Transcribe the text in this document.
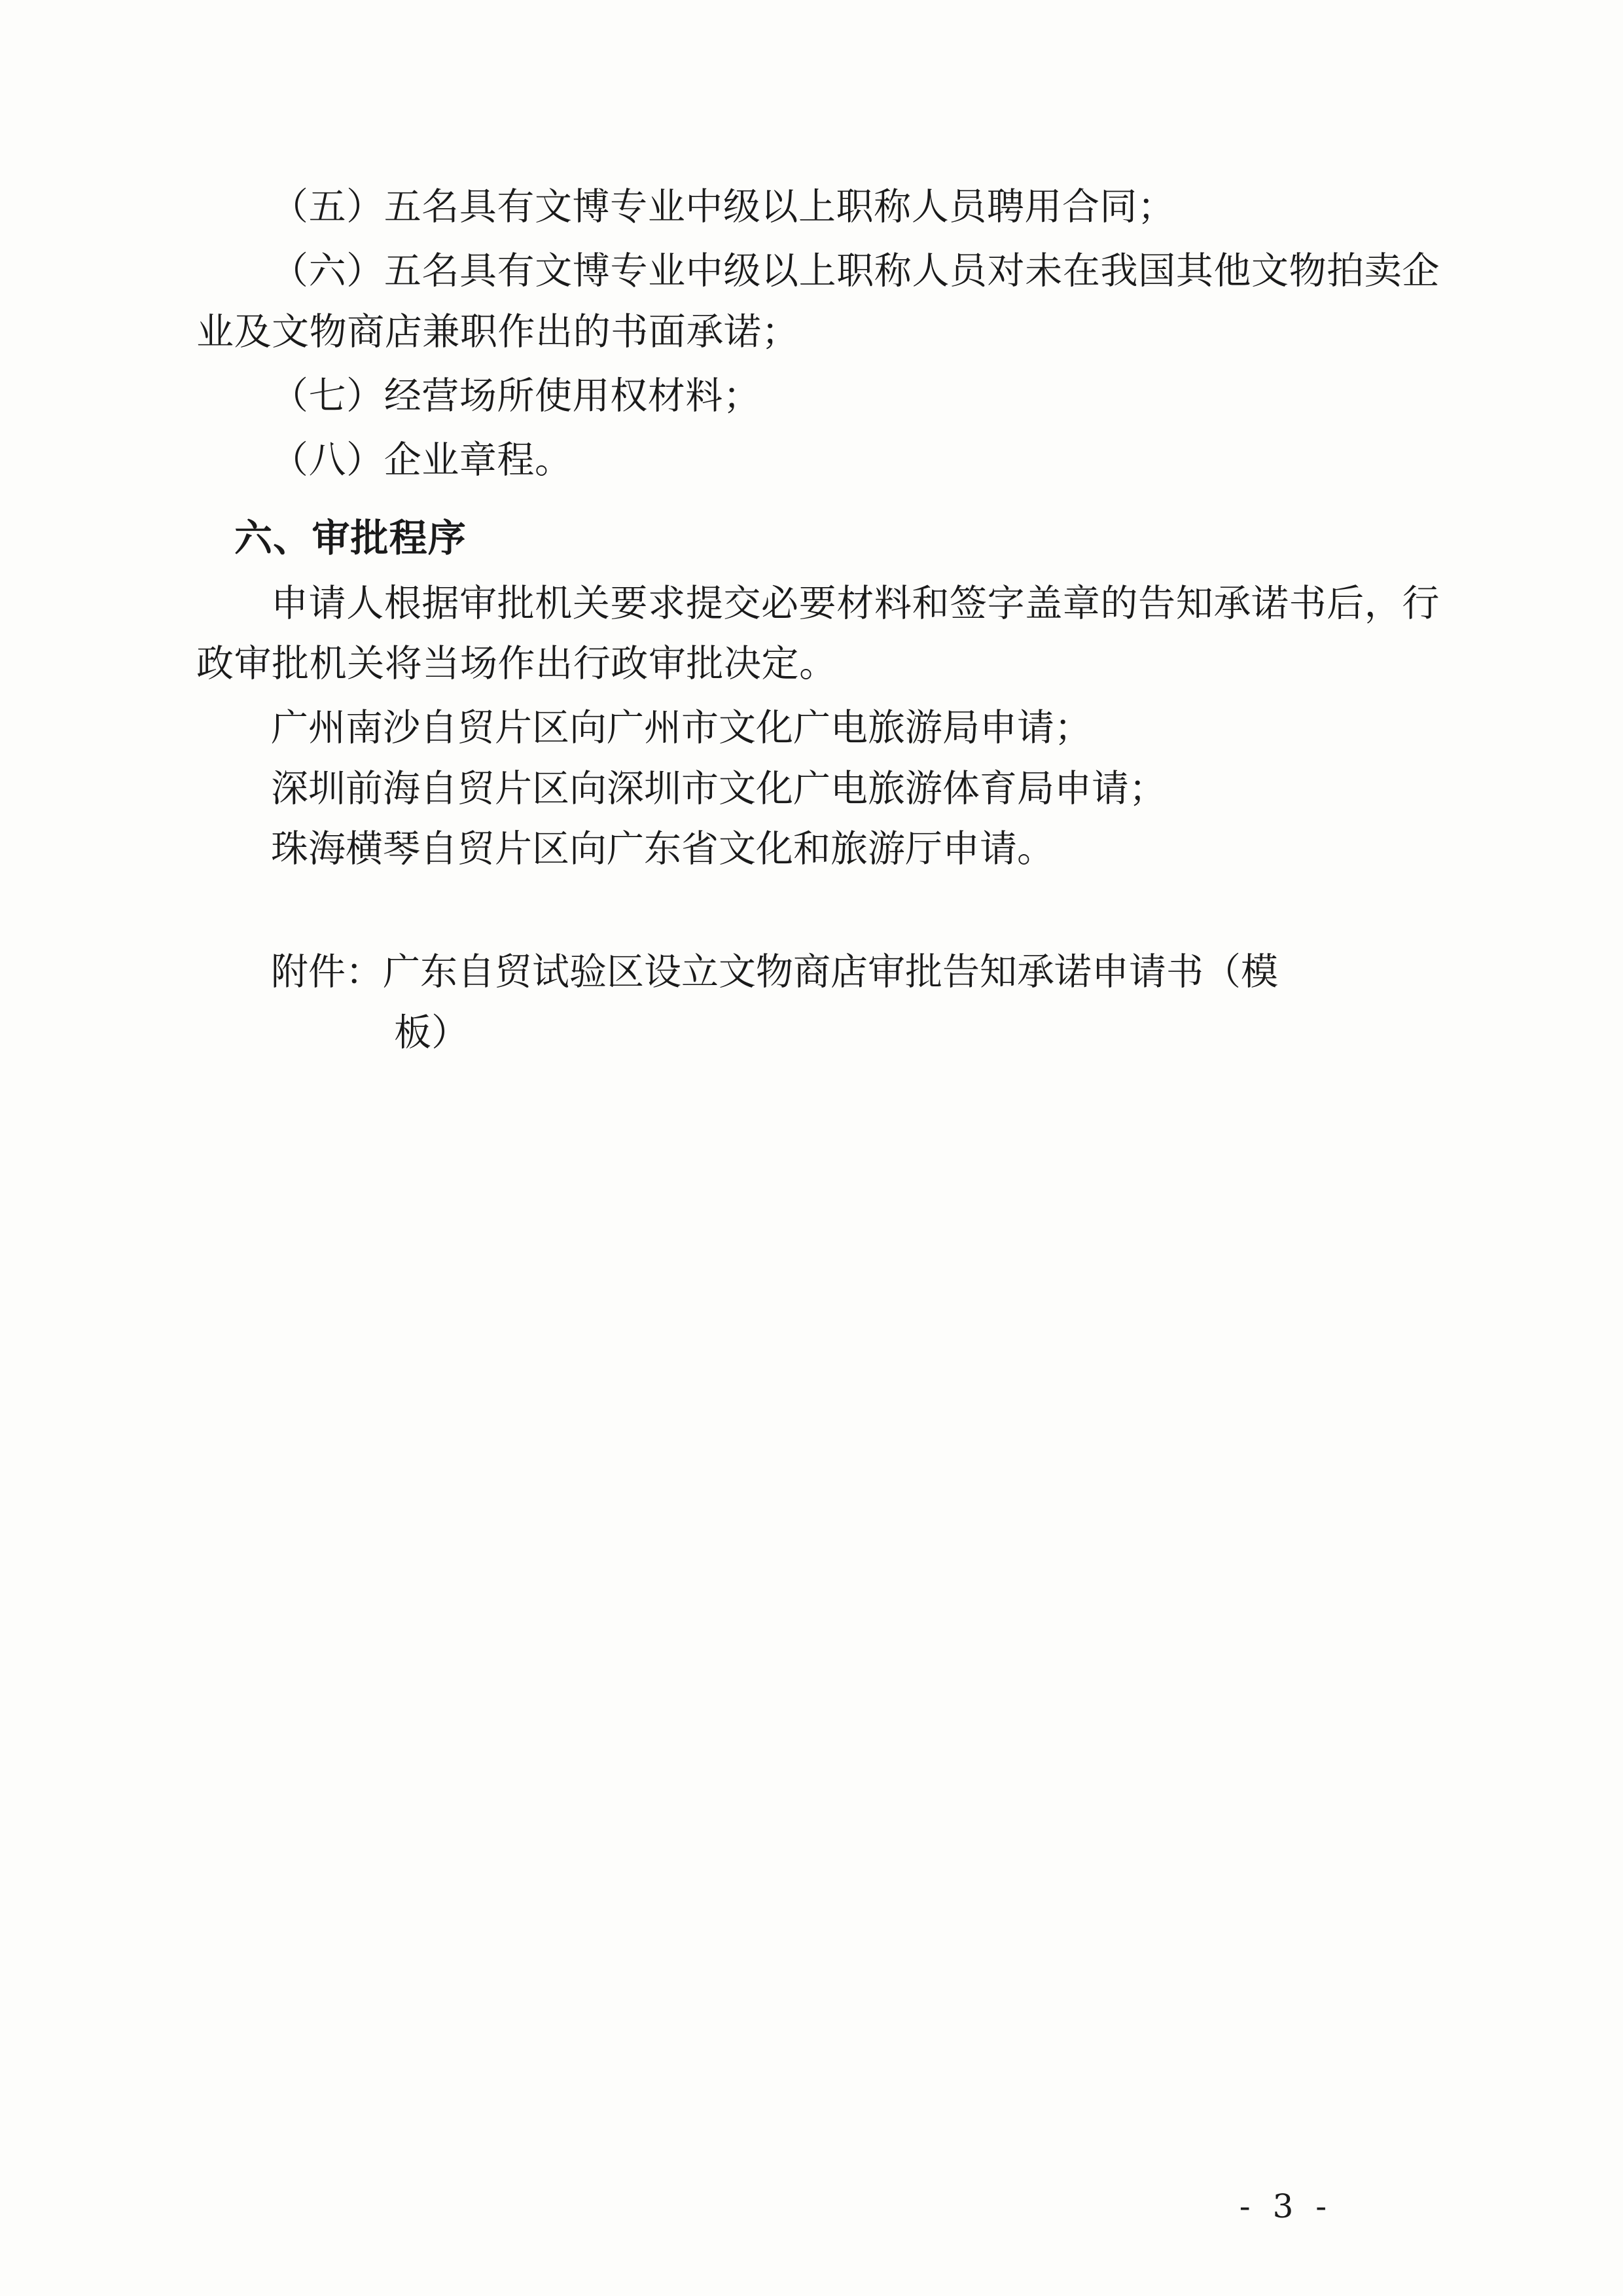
（五）五名具有文博专业中级以上职称人员聘用合同；

（六）五名具有文博专业中级以上职称人员对未在我国其他文物拍卖企业及文物商店兼职作出的书面承诺；

（七）经营场所使用权材料；

（八）企业章程。

六、审批程序

申请人根据审批机关要求提交必要材料和签字盖章的告知承诺书后，行政审批机关将当场作出行政审批决定。

广州南沙自贸片区向广州市文化广电旅游局申请；

深圳前海自贸片区向深圳市文化广电旅游体育局申请；

珠海横琴自贸片区向广东省文化和旅游厅申请。

附件：广东自贸试验区设立文物商店审批告知承诺申请书（模

板）

- 3 -
